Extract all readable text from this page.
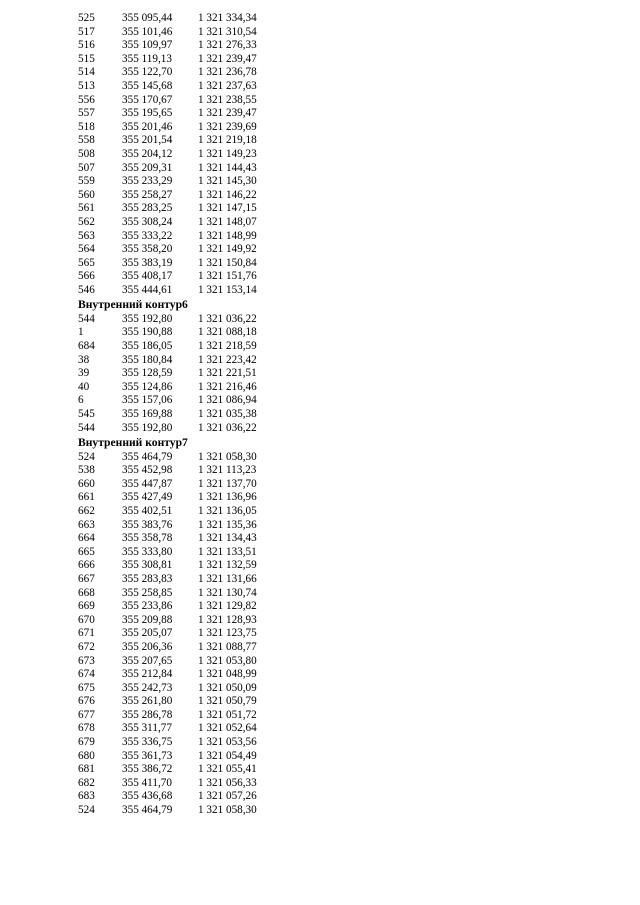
525	355 095,44	1 321 334,34
517	355 101,46	1 321 310,54
516	355 109,97	1 321 276,33
515	355 119,13	1 321 239,47
514	355 122,70	1 321 236,78
513	355 145,68	1 321 237,63
556	355 170,67	1 321 238,55
557	355 195,65	1 321 239,47
518	355 201,46	1 321 239,69
558	355 201,54	1 321 219,18
508	355 204,12	1 321 149,23
507	355 209,31	1 321 144,43
559	355 233,29	1 321 145,30
560	355 258,27	1 321 146,22
561	355 283,25	1 321 147,15
562	355 308,24	1 321 148,07
563	355 333,22	1 321 148,99
564	355 358,20	1 321 149,92
565	355 383,19	1 321 150,84
566	355 408,17	1 321 151,76
546	355 444,61	1 321 153,14
Внутренний контур6
544	355 192,80	1 321 036,22
1	355 190,88	1 321 088,18
684	355 186,05	1 321 218,59
38	355 180,84	1 321 223,42
39	355 128,59	1 321 221,51
40	355 124,86	1 321 216,46
6	355 157,06	1 321 086,94
545	355 169,88	1 321 035,38
544	355 192,80	1 321 036,22
Внутренний контур7
524	355 464,79	1 321 058,30
538	355 452,98	1 321 113,23
660	355 447,87	1 321 137,70
661	355 427,49	1 321 136,96
662	355 402,51	1 321 136,05
663	355 383,76	1 321 135,36
664	355 358,78	1 321 134,43
665	355 333,80	1 321 133,51
666	355 308,81	1 321 132,59
667	355 283,83	1 321 131,66
668	355 258,85	1 321 130,74
669	355 233,86	1 321 129,82
670	355 209,88	1 321 128,93
671	355 205,07	1 321 123,75
672	355 206,36	1 321 088,77
673	355 207,65	1 321 053,80
674	355 212,84	1 321 048,99
675	355 242,73	1 321 050,09
676	355 261,80	1 321 050,79
677	355 286,78	1 321 051,72
678	355 311,77	1 321 052,64
679	355 336,75	1 321 053,56
680	355 361,73	1 321 054,49
681	355 386,72	1 321 055,41
682	355 411,70	1 321 056,33
683	355 436,68	1 321 057,26
524	355 464,79	1 321 058,30
